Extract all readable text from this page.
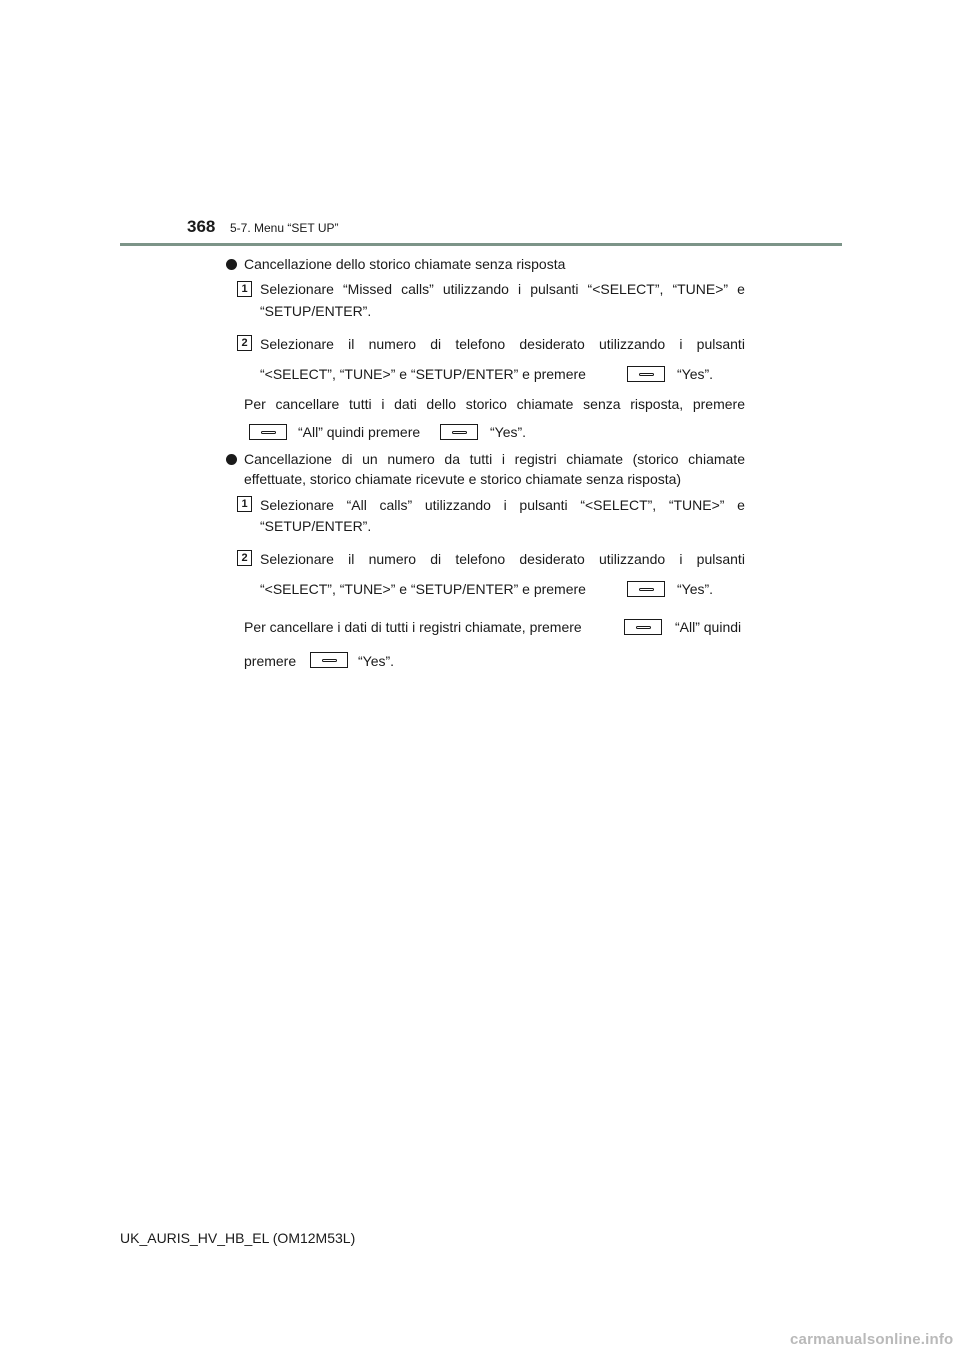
368 5-7. Menu “SET UP”
Cancellazione dello storico chiamate senza risposta
1 Selezionare “Missed calls” utilizzando i pulsanti “<SELECT”, “TUNE>” e
“SETUP/ENTER”.
2 Selezionare il numero di telefono desiderato utilizzando i pulsanti
“<SELECT”, “TUNE>” e “SETUP/ENTER” e premere	“Yes”.
Per cancellare tutti i dati dello storico chiamate senza risposta, premere
“All” quindi premere	“Yes”.
Cancellazione di un numero da tutti i registri chiamate (storico chiamate
effettuate, storico chiamate ricevute e storico chiamate senza risposta)
1 Selezionare “All calls” utilizzando i pulsanti “<SELECT”, “TUNE>” e
“SETUP/ENTER”.
2 Selezionare il numero di telefono desiderato utilizzando i pulsanti
“<SELECT”, “TUNE>” e “SETUP/ENTER” e premere	“Yes”.
Per cancellare i dati di tutti i registri chiamate, premere	“All” quindi
premere	“Yes”.
UK_AURIS_HV_HB_EL (OM12M53L)
carmanualsonline.info
